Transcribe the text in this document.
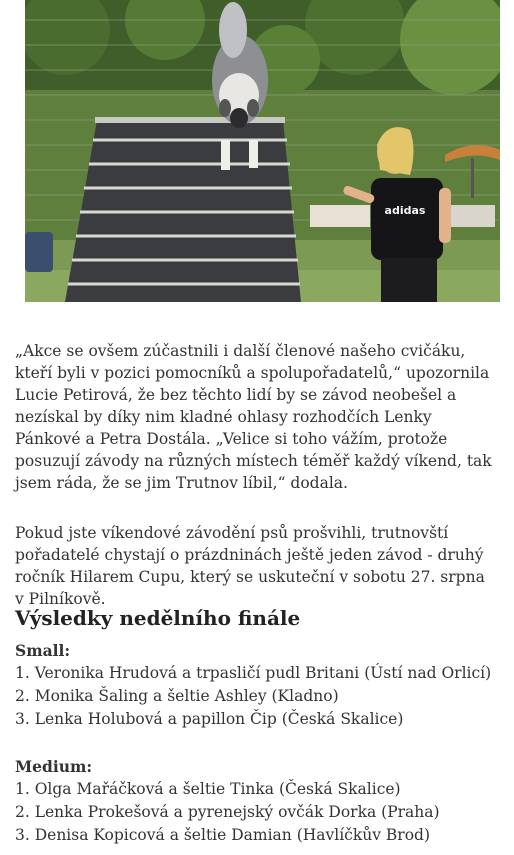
adidas

„Akce se ovšem zúčastnili i další členové našeho cvičáku, kteří byli v pozici pomocníků a spolupořadatelů,“ upozornila Lucie Petirová, že bez těchto lidí by se závod neobešel a nezískal by díky nim kladné ohlasy rozhodčích Lenky Pánkové a Petra Dostála. „Velice si toho vážím, protože posuzují závody na různých místech téměř každý víkend, tak jsem ráda, že se jim Trutnov líbil,“ dodala.

Pokud jste víkendové závodění psů prošvihli, trutnovští pořadatelé chystají o prázdninách ještě jeden závod - druhý ročník Hilarem Cupu, který se uskuteční v sobotu 27. srpna v Pilníkově.

Výsledky nedělního finále
Small:
1. Veronika Hrudová a trpasličí pudl Britani (Ústí nad Orlicí)
2. Monika Šaling a šeltie Ashley (Kladno)
3. Lenka Holubová a papillon Čip (Česká Skalice)
Medium:
1. Olga Mařáčková a šeltie Tinka (Česká Skalice)
2. Lenka Prokešová a pyrenejský ovčák Dorka (Praha)
3. Denisa Kopicová a šeltie Damian (Havlíčkův Brod)
